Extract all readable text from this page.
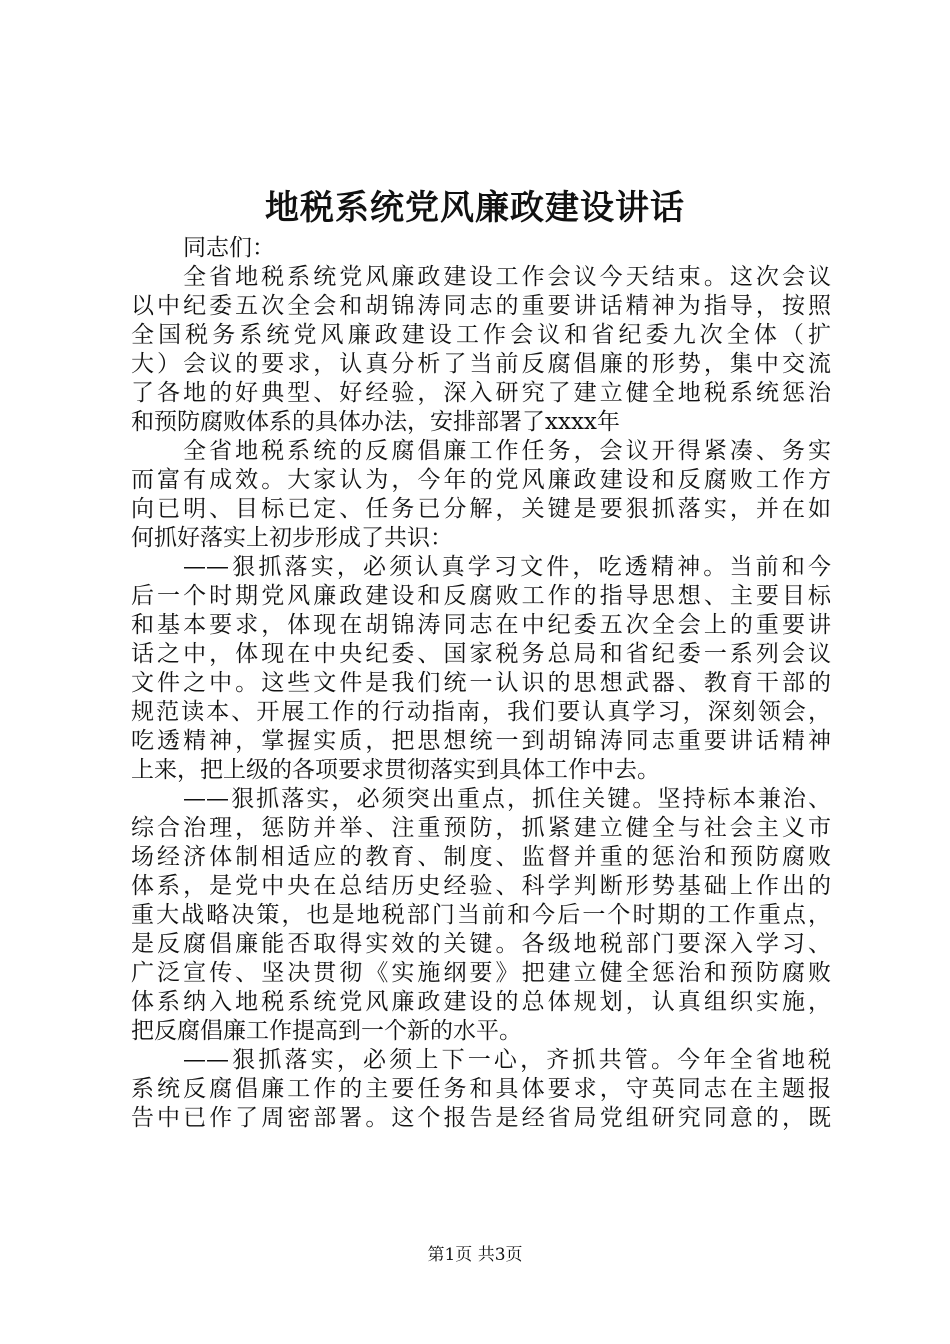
地税系统党风廉政建设讲话
同志们：
全省地税系统党风廉政建设工作会议今天结束。这次会议
以中纪委五次全会和胡锦涛同志的重要讲话精神为指导，按照
全国税务系统党风廉政建设工作会议和省纪委九次全体（扩
大）会议的要求，认真分析了当前反腐倡廉的形势，集中交流
了各地的好典型、好经验，深入研究了建立健全地税系统惩治
和预防腐败体系的具体办法，安排部署了xxxx年
全省地税系统的反腐倡廉工作任务，会议开得紧凑、务实
而富有成效。大家认为，今年的党风廉政建设和反腐败工作方
向已明、目标已定、任务已分解，关键是要狠抓落实，并在如
何抓好落实上初步形成了共识：
——狠抓落实，必须认真学习文件，吃透精神。当前和今
后一个时期党风廉政建设和反腐败工作的指导思想、主要目标
和基本要求，体现在胡锦涛同志在中纪委五次全会上的重要讲
话之中，体现在中央纪委、国家税务总局和省纪委一系列会议
文件之中。这些文件是我们统一认识的思想武器、教育干部的
规范读本、开展工作的行动指南，我们要认真学习，深刻领会，
吃透精神，掌握实质，把思想统一到胡锦涛同志重要讲话精神
上来，把上级的各项要求贯彻落实到具体工作中去。
——狠抓落实，必须突出重点，抓住关键。坚持标本兼治、
综合治理，惩防并举、注重预防，抓紧建立健全与社会主义市
场经济体制相适应的教育、制度、监督并重的惩治和预防腐败
体系，是党中央在总结历史经验、科学判断形势基础上作出的
重大战略决策，也是地税部门当前和今后一个时期的工作重点，
是反腐倡廉能否取得实效的关键。各级地税部门要深入学习、
广泛宣传、坚决贯彻《实施纲要》把建立健全惩治和预防腐败
体系纳入地税系统党风廉政建设的总体规划，认真组织实施，
把反腐倡廉工作提高到一个新的水平。
——狠抓落实，必须上下一心，齐抓共管。今年全省地税
系统反腐倡廉工作的主要任务和具体要求，守英同志在主题报
告中已作了周密部署。这个报告是经省局党组研究同意的，既
第1页 共3页
